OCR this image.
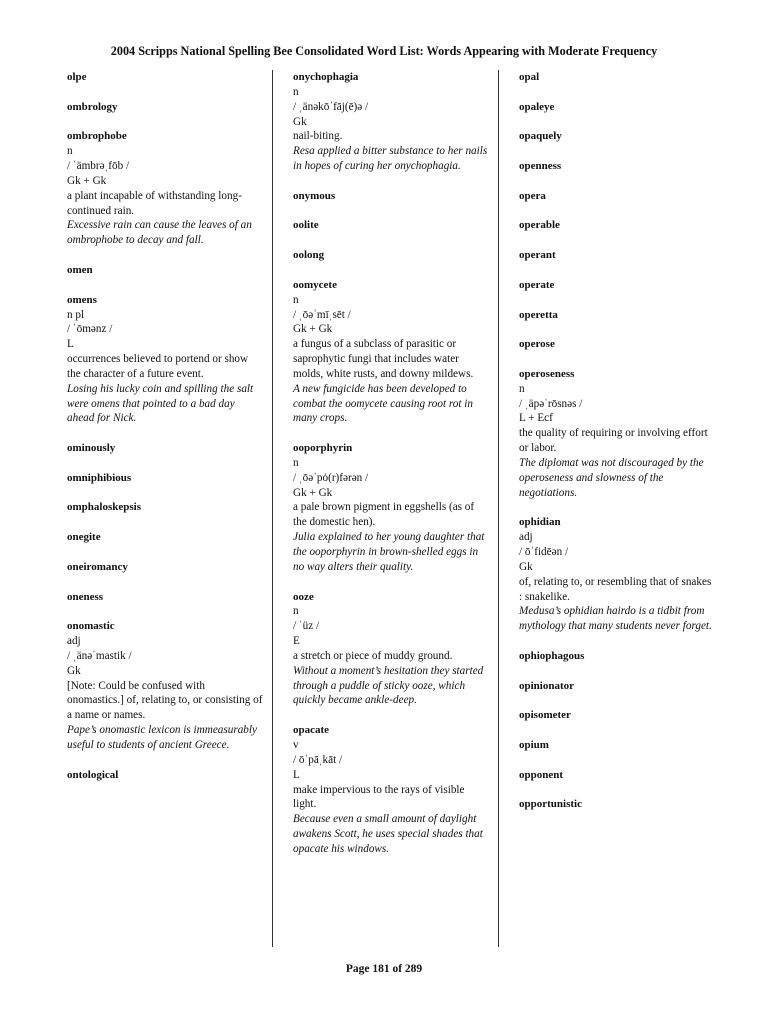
2004 Scripps National Spelling Bee Consolidated Word List: Words Appearing with Moderate Frequency
olpe
ombrology
ombrophobe
n
/ ˈämbrəˌfōb /
Gk + Gk
a plant incapable of withstanding long-continued rain.
Excessive rain can cause the leaves of an ombrophobe to decay and fall.
omen
omens
n pl
/ ˈōmənz /
L
occurrences believed to portend or show the character of a future event.
Losing his lucky coin and spilling the salt were omens that pointed to a bad day ahead for Nick.
ominously
omniphibious
omphaloskepsis
onegite
oneiromancy
oneness
onomastic
adj
/ ˌänəˈmastik /
Gk
[Note: Could be confused with onomastics.] of, relating to, or consisting of a name or names.
Pape’s onomastic lexicon is immeasurably useful to students of ancient Greece.
ontological
onychophagia
n
/ ˌänəkōˈfāj(ē)ə /
Gk
nail-biting.
Resa applied a bitter substance to her nails in hopes of curing her onychophagia.
onymous
oolite
oolong
oomycete
n
/ ˌōəˈmīˌsēt /
Gk + Gk
a fungus of a subclass of parasitic or saprophytic fungi that includes water molds, white rusts, and downy mildews.
A new fungicide has been developed to combat the oomycete causing root rot in many crops.
ooporphyrin
n
/ ˌōəˈpȯ(r)fərən /
Gk + Gk
a pale brown pigment in eggshells (as of the domestic hen).
Julia explained to her young daughter that the ooporphyrin in brown-shelled eggs in no way alters their quality.
ooze
n
/ ˈüz /
E
a stretch or piece of muddy ground.
Without a moment’s hesitation they started through a puddle of sticky ooze, which quickly became ankle-deep.
opacate
v
/ ōˈpāˌkāt /
L
make impervious to the rays of visible light.
Because even a small amount of daylight awakens Scott, he uses special shades that opacate his windows.
opal
opaleye
opaquely
openness
opera
operable
operant
operate
operetta
operose
operoseness
n
/ ˌäpəˈrōsnəs /
L + Ecf
the quality of requiring or involving effort or labor.
The diplomat was not discouraged by the operoseness and slowness of the negotiations.
ophidian
adj
/ ōˈfidēən /
Gk
of, relating to, or resembling that of snakes : snakelike.
Medusa’s ophidian hairdo is a tidbit from mythology that many students never forget.
ophiophagous
opinionator
opisometer
opium
opponent
opportunistic
Page 181 of 289
